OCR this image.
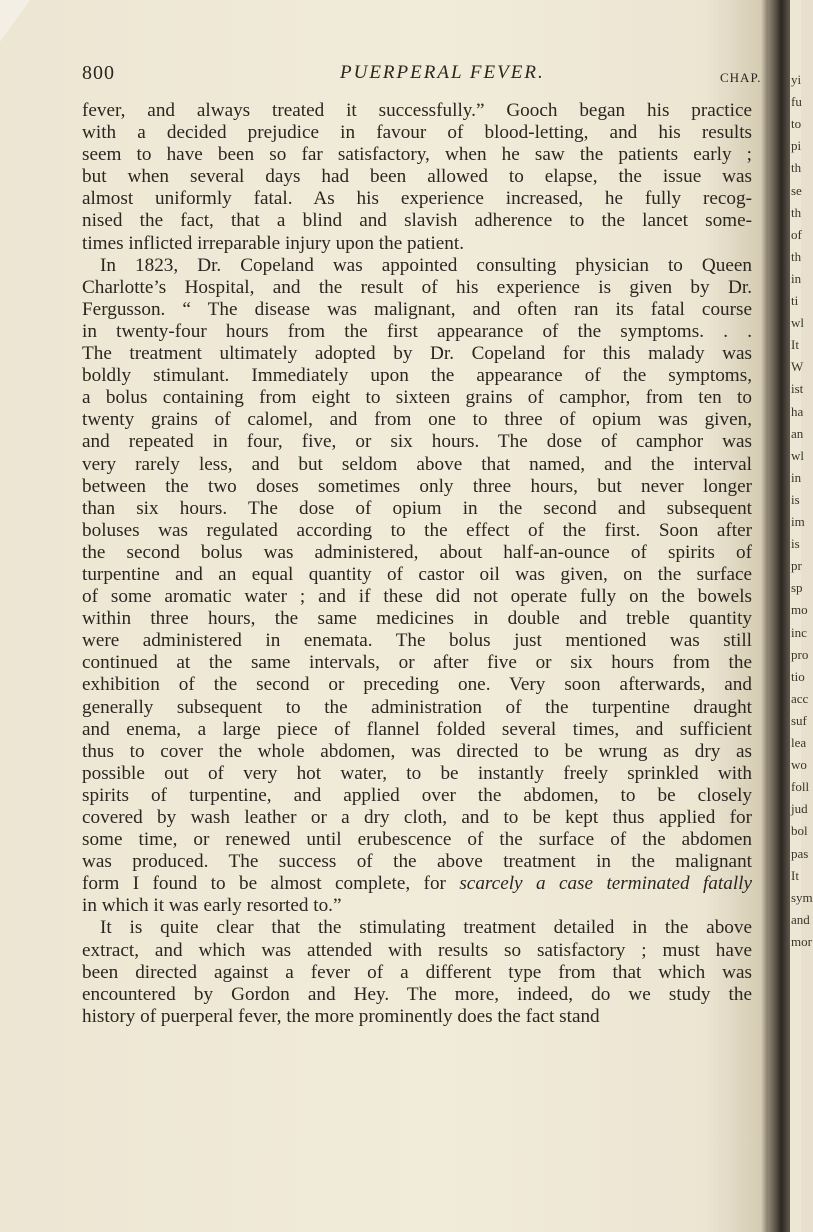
800	PUERPERAL FEVER.	CHAP.
fever, and always treated it successfully.” Gooch began his practice
with a decided prejudice in favour of blood-letting, and his results
seem to have been so far satisfactory, when he saw the patients early ;
but when several days had been allowed to elapse, the issue was
almost uniformly fatal. As his experience increased, he fully recog-
nised the fact, that a blind and slavish adherence to the lancet some-
times inflicted irreparable injury upon the patient.
In 1823, Dr. Copeland was appointed consulting physician to Queen
Charlotte’s Hospital, and the result of his experience is given by Dr.
Fergusson. “ The disease was malignant, and often ran its fatal course
in twenty-four hours from the first appearance of the symptoms. . .
The treatment ultimately adopted by Dr. Copeland for this malady was
boldly stimulant. Immediately upon the appearance of the symptoms,
a bolus containing from eight to sixteen grains of camphor, from ten to
twenty grains of calomel, and from one to three of opium was given,
and repeated in four, five, or six hours. The dose of camphor was
very rarely less, and but seldom above that named, and the interval
between the two doses sometimes only three hours, but never longer
than six hours. The dose of opium in the second and subsequent
boluses was regulated according to the effect of the first. Soon after
the second bolus was administered, about half-an-ounce of spirits of
turpentine and an equal quantity of castor oil was given, on the surface
of some aromatic water ; and if these did not operate fully on the bowels
within three hours, the same medicines in double and treble quantity
were administered in enemata. The bolus just mentioned was still
continued at the same intervals, or after five or six hours from the
exhibition of the second or preceding one. Very soon afterwards, and
generally subsequent to the administration of the turpentine draught
and enema, a large piece of flannel folded several times, and sufficient
thus to cover the whole abdomen, was directed to be wrung as dry as
possible out of very hot water, to be instantly freely sprinkled with
spirits of turpentine, and applied over the abdomen, to be closely
covered by wash leather or a dry cloth, and to be kept thus applied for
some time, or renewed until erubescence of the surface of the abdomen
was produced. The success of the above treatment in the malignant
form I found to be almost complete, for scarcely a case terminated fatally
in which it was early resorted to.”
It is quite clear that the stimulating treatment detailed in the above
extract, and which was attended with results so satisfactory ; must have
been directed against a fever of a different type from that which was
encountered by Gordon and Hey. The more, indeed, do we study the
history of puerperal fever, the more prominently does the fact stand
yi
fu
to
pi
th
se
th
of
th
in
ti
wl
It
W
ist
ha
an
wl
in
is
im
is
pr
sp
mo
inc
pro
tio
acc
suf
lea
wo
foll
jud
bol
pas
It
sym
and
mor
